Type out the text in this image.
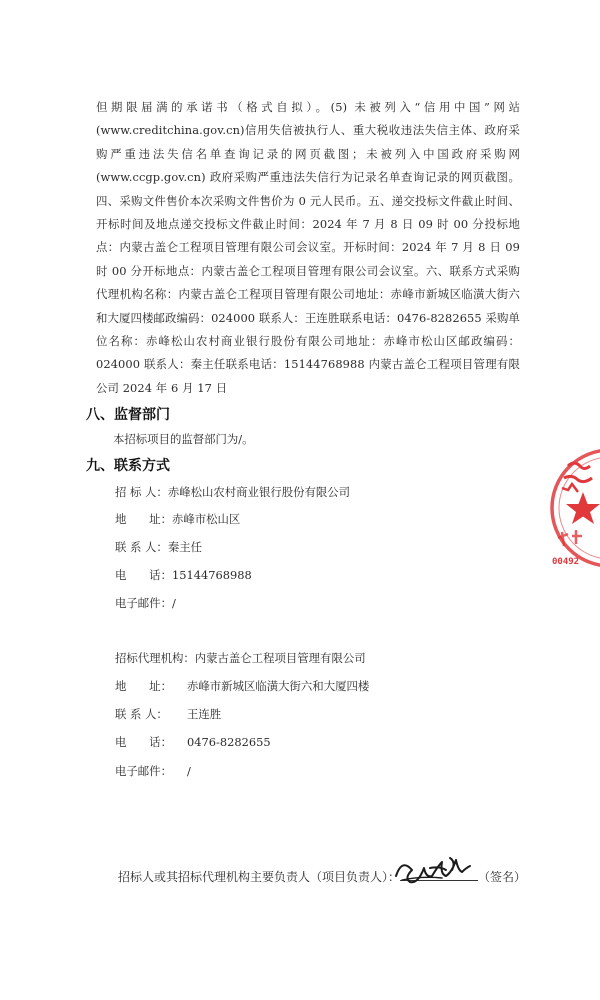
但期限届满的承诺书（格式自拟）。(5) 未被列入“信用中国”网站(www.creditchina.gov.cn)信用失信被执行人、重大税收违法失信主体、政府采购严重违法失信名单查询记录的网页截图；未被列入中国政府采购网(www.ccgp.gov.cn) 政府采购严重违法失信行为记录名单查询记录的网页截图。四、采购文件售价本次采购文件售价为 0 元人民币。五、递交投标文件截止时间、开标时间及地点递交投标文件截止时间：2024 年 7 月 8 日 09 时 00 分投标地点：内蒙古盖仑工程项目管理有限公司会议室。开标时间：2024 年 7 月 8 日 09 时 00 分开标地点：内蒙古盖仑工程项目管理有限公司会议室。六、联系方式采购代理机构名称：内蒙古盖仑工程项目管理有限公司地址：赤峰市新城区临潢大街六和大厦四楼邮政编码：024000 联系人：王连胜联系电话：0476-8282655 采购单位名称：赤峰松山农村商业银行股份有限公司地址：赤峰市松山区邮政编码：024000 联系人：秦主任联系电话：15144768988 内蒙古盖仑工程项目管理有限公司 2024 年 6 月 17 日
八、监督部门
本招标项目的监督部门为/。
九、联系方式
招 标 人：赤峰松山农村商业银行股份有限公司
地　　址：赤峰市松山区
联 系 人：秦主任
电　　话：15144768988
电子邮件：/
招标代理机构：内蒙古盖仑工程项目管理有限公司
地　　址： 赤峰市新城区临潢大街六和大厦四楼
联 系 人： 王连胜
电　　话： 0476-8282655
电子邮件： /
00492
招标人或其招标代理机构主要负责人（项目负责人）：	（签名）
